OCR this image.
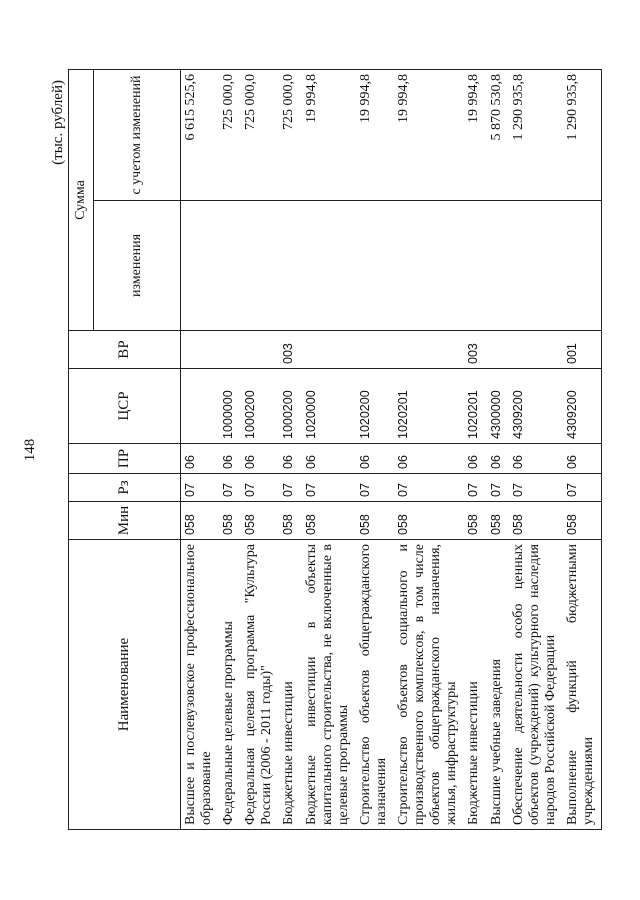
148
(тыс. рублей)
Наименование	Мин	Рз	ПР	ЦСР	ВР	Сумма	
						изменения	с учетом изменений
Высшее и послевузовское профессиональное образование	058	07	06				6 615 525,6
Федеральные целевые программы	058	07	06	1000000			725 000,0
Федеральная целевая программа "Культура России (2006 - 2011 годы)"	058	07	06	1000200			725 000,0
Бюджетные инвестиции	058	07	06	1000200	003		725 000,0
Бюджетные инвестиции в объекты капитального строительства, не включенные в целевые программы	058	07	06	1020000			19 994,8
Строительство объектов общегражданского назначения	058	07	06	1020200			19 994,8
Строительство объектов социального и производственного комплексов, в том числе объектов общегражданского назначения, жилья, инфраструктуры	058	07	06	1020201			19 994,8
Бюджетные инвестиции	058	07	06	1020201	003		19 994,8
Высшие учебные заведения	058	07	06	4300000			5 870 530,8
Обеспечение деятельности особо ценных объектов (учреждений) культурного наследия народов Российской Федерации	058	07	06	4309200			1 290 935,8
Выполнение функций бюджетными учреждениями	058	07	06	4309200	001		1 290 935,8
